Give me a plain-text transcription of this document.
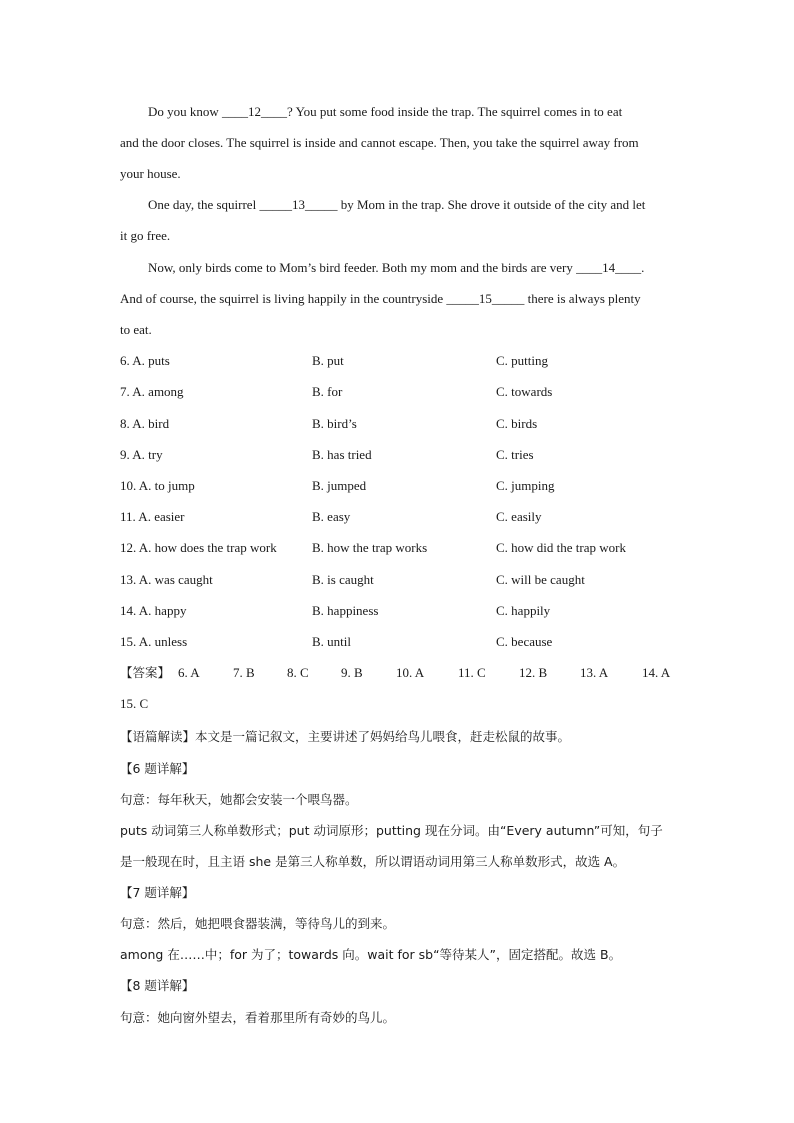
Do you know ____12____? You put some food inside the trap. The squirrel comes in to eat
and the door closes. The squirrel is inside and cannot escape. Then, you take the squirrel away from
your house.
One day, the squirrel _____13_____ by Mom in the trap. She drove it outside of the city and let
it go free.
Now, only birds come to Mom’s bird feeder. Both my mom and the birds are very ____14____.
And of course, the squirrel is living happily in the countryside _____15_____ there is always plenty
to eat.
6. A. puts	B. put	C. putting
7. A. among	B. for	C. towards
8. A. bird	B. bird’s	C. birds
9. A. try	B. has tried	C. tries
10. A. to jump	B. jumped	C. jumping
11. A. easier	B. easy	C. easily
12. A. how does the trap work	B. how the trap works	C. how did the trap work
13. A. was caught	B. is caught	C. will be caught
14. A. happy	B. happiness	C. happily
15. A. unless	B. until	C. because
【答案】 6. A	7. B 8. C 9. B	10. A	11. C	12. B	13. A	14. A
15. C
【语篇解读】本文是一篇记叙文，主要讲述了妈妈给鸟儿喂食，赶走松鼠的故事。
【6 题详解】
句意：每年秋天，她都会安装一个喂鸟器。
puts 动词第三人称单数形式；put 动词原形；putting 现在分词。由“Every autumn”可知，句子
是一般现在时，且主语 she 是第三人称单数，所以谓语动词用第三人称单数形式，故选 A。
【7 题详解】
句意：然后，她把喂食器装满，等待鸟儿的到来。
among 在……中；for 为了；towards 向。wait for sb“等待某人”，固定搭配。故选 B。
【8 题详解】
句意：她向窗外望去，看着那里所有奇妙的鸟儿。
